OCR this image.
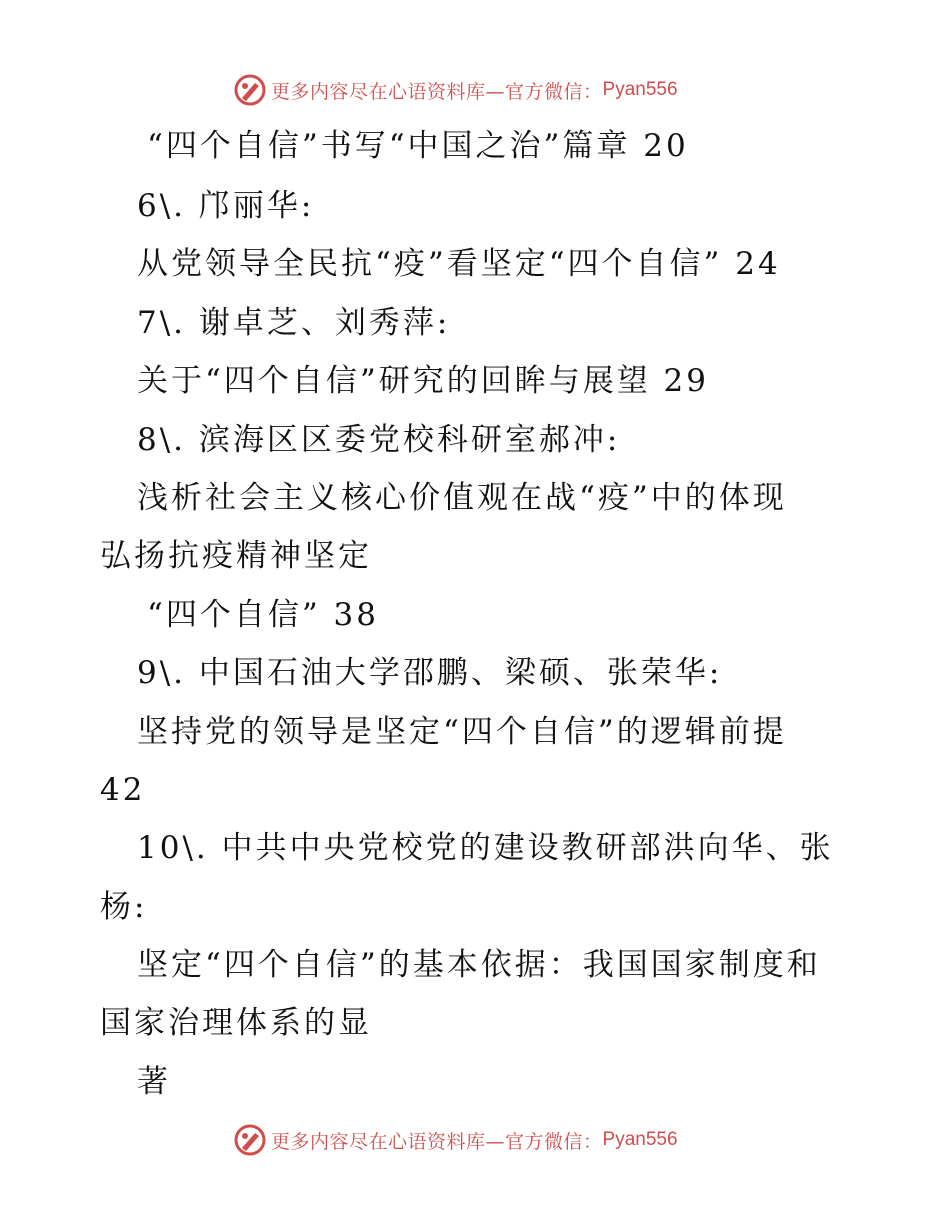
更多内容尽在心语资料库—官方微信： Pyan556
“四个自信”书写“中国之治”篇章 20
6\. 邝丽华:
从党领导全民抗“疫”看坚定“四个自信” 24
7\. 谢卓芝、刘秀萍:
关于“四个自信”研究的回眸与展望 29
8\. 滨海区区委党校科研室郝冲:
浅析社会主义核心价值观在战“疫”中的体现
弘扬抗疫精神坚定
“四个自信” 38
9\. 中国石油大学邵鹏、梁硕、张荣华:
坚持党的领导是坚定“四个自信”的逻辑前提
42
10\. 中共中央党校党的建设教研部洪向华、张
杨:
坚定“四个自信”的基本依据：我国国家制度和
国家治理体系的显
著
更多内容尽在心语资料库—官方微信： Pyan556
